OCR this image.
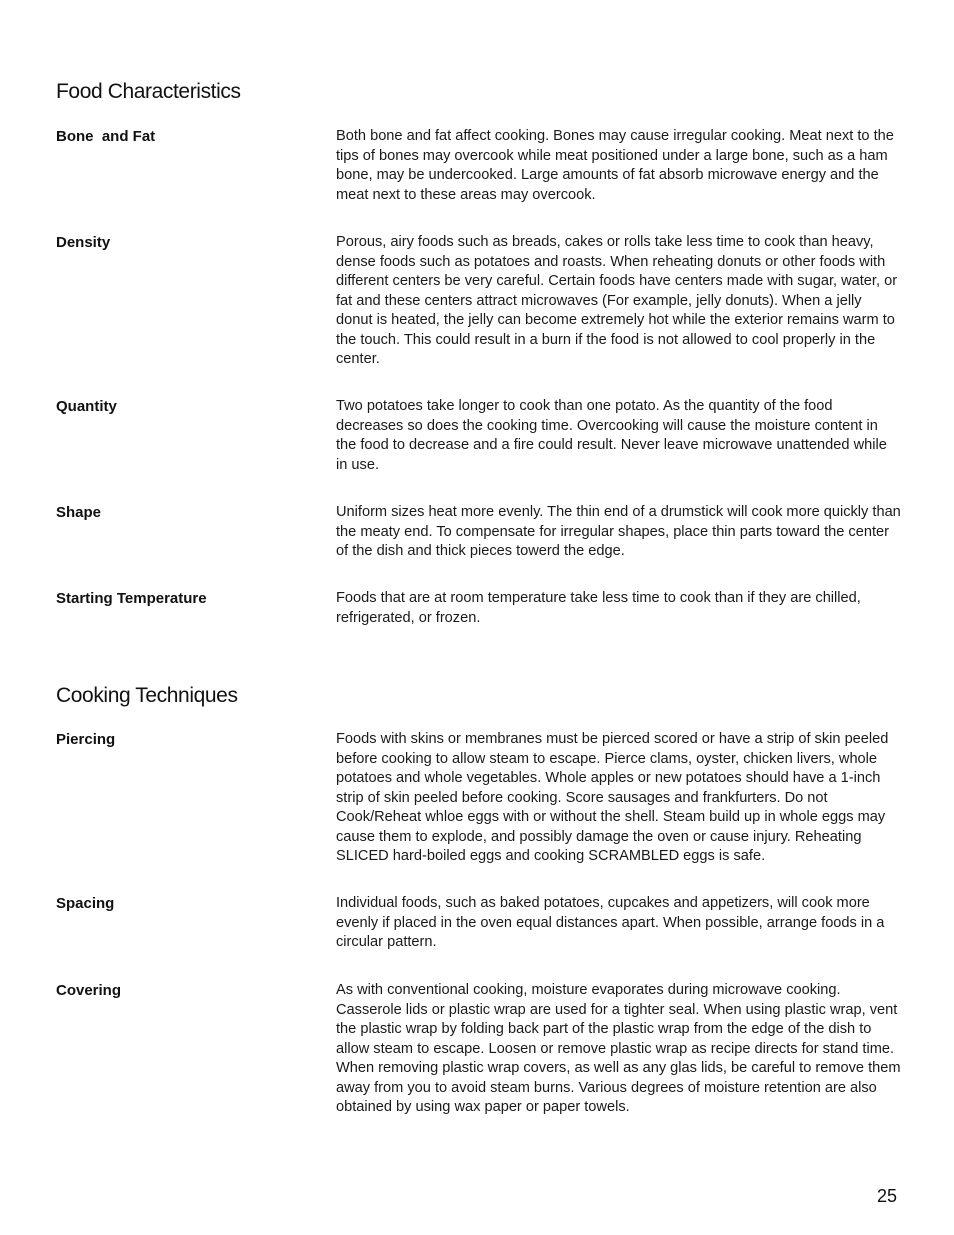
Food Characteristics
Bone  and Fat	Both bone and fat affect cooking. Bones may cause irregular cooking. Meat next to the tips of bones may overcook while meat positioned under a large bone, such as a ham bone, may be undercooked. Large amounts of fat absorb microwave energy and the meat next to these areas may overcook.

Density	Porous, airy foods such as breads, cakes or rolls take less time to cook than heavy, dense foods such as potatoes and roasts. When reheating donuts or other foods with different centers be very careful. Certain foods have centers made with sugar, water, or fat and these centers attract microwaves (For example, jelly donuts). When a jelly donut is heated, the jelly can become extremely hot while the exterior remains warm to the touch. This could result in a burn if the food is not allowed to cool properly in the center.

Quantity	Two potatoes take longer to cook than one potato. As the quantity of the food decreases so does the cooking time. Overcooking will cause the moisture content in the food to decrease and a fire could result. Never leave microwave unattended while in use.

Shape	Uniform sizes heat more evenly. The thin end of a drumstick will cook more quickly than the meaty end. To compensate for irregular shapes, place thin parts toward the center of the dish and thick pieces towerd the edge.

Starting Temperature	Foods that are at room temperature take less time to cook than if they are chilled, refrigerated, or frozen.

Cooking Techniques
Piercing	Foods with skins or membranes must be pierced scored or have a strip of skin peeled before cooking to allow steam to escape. Pierce clams, oyster, chicken livers, whole potatoes and whole vegetables. Whole apples or new potatoes should have a 1-inch strip of skin peeled before cooking. Score sausages and frankfurters. Do not Cook/Reheat whloe eggs with or without the shell. Steam build up in whole eggs may cause them to explode, and possibly damage the oven or cause injury. Reheating SLICED hard-boiled eggs and cooking SCRAMBLED eggs is safe.

Spacing	Individual foods, such as baked potatoes, cupcakes and appetizers, will cook more evenly if placed in the oven equal distances apart. When possible, arrange foods in a circular pattern.

Covering	As with conventional cooking, moisture evaporates during microwave cooking. Casserole lids or plastic wrap are used for a tighter seal. When using plastic wrap, vent the plastic wrap by folding back part of the plastic wrap from the edge of the dish to allow steam to escape. Loosen or remove plastic wrap as recipe directs for stand time. When removing plastic wrap covers, as well as any glas lids, be careful to remove them away from you to avoid steam burns. Various degrees of moisture retention are also obtained by using wax paper or paper towels.

25
